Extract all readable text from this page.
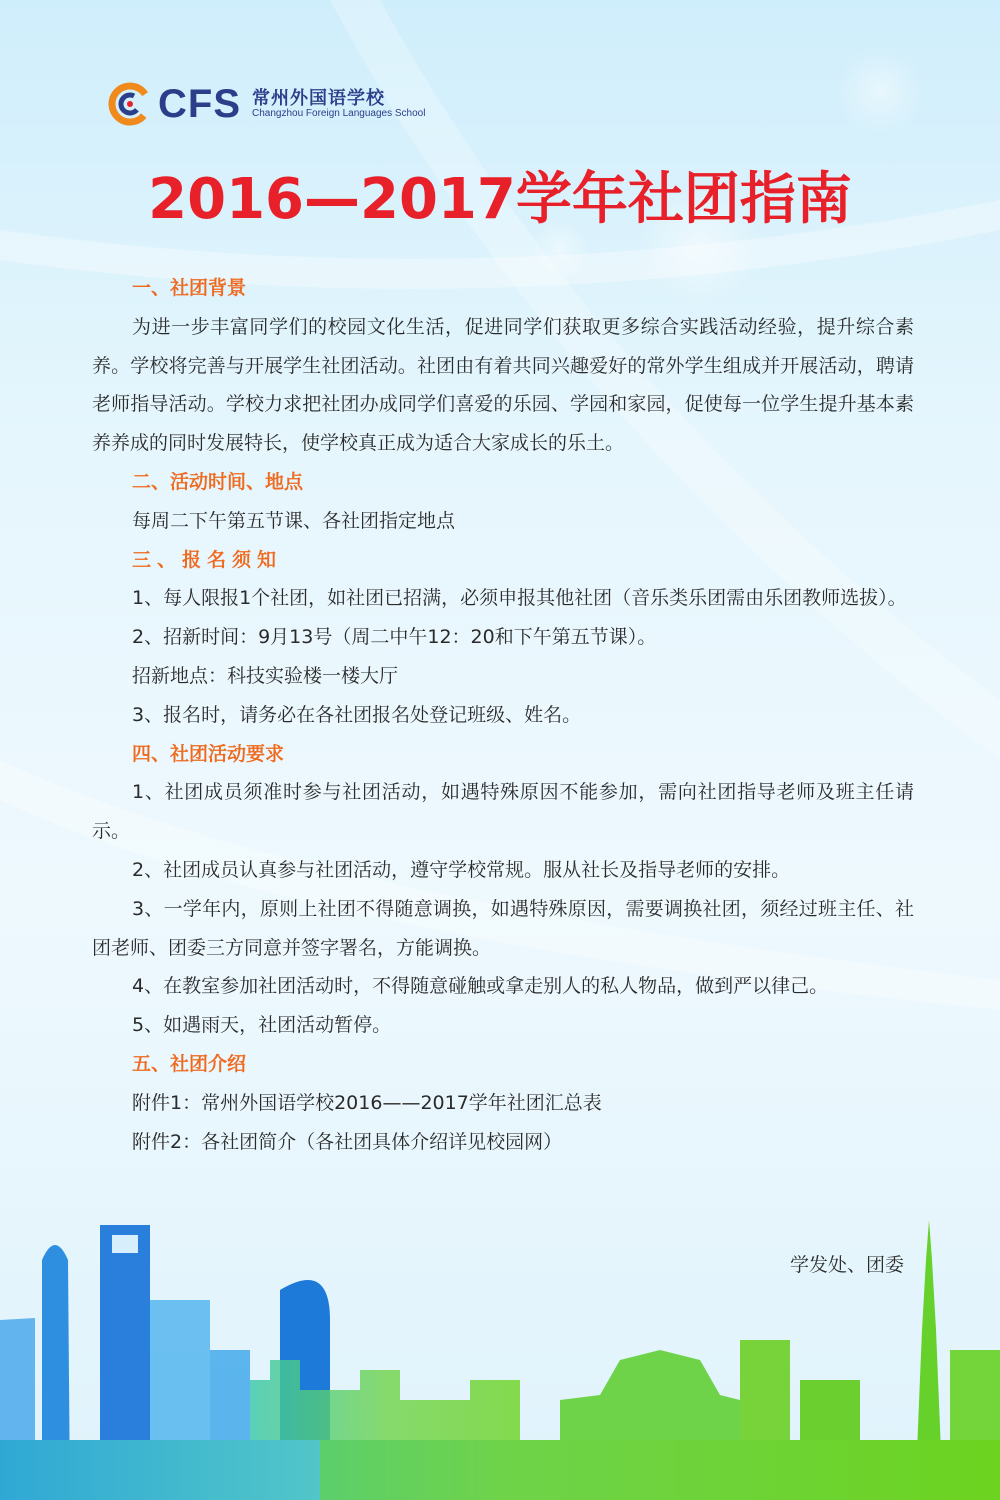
CFS 常州外国语学校
Changzhou Foreign Languages School
2016—2017学年社团指南

一、社团背景

为进一步丰富同学们的校园文化生活，促进同学们获取更多综合实践活动经验，提升综合素养。学校将完善与开展学生社团活动。社团由有着共同兴趣爱好的常外学生组成并开展活动，聘请老师指导活动。学校力求把社团办成同学们喜爱的乐园、学园和家园，促使每一位学生提升基本素养养成的同时发展特长，使学校真正成为适合大家成长的乐土。

二、活动时间、地点

每周二下午第五节课、各社团指定地点

三、报名须知

1、每人限报1个社团，如社团已招满，必须申报其他社团（音乐类乐团需由乐团教师选拔）。

2、招新时间：9月13号（周二中午12：20和下午第五节课）。

招新地点：科技实验楼一楼大厅

3、报名时，请务必在各社团报名处登记班级、姓名。

四、社团活动要求

1、社团成员须准时参与社团活动，如遇特殊原因不能参加，需向社团指导老师及班主任请示。

2、社团成员认真参与社团活动，遵守学校常规。服从社长及指导老师的安排。

3、一学年内，原则上社团不得随意调换，如遇特殊原因，需要调换社团，须经过班主任、社团老师、团委三方同意并签字署名，方能调换。

4、在教室参加社团活动时，不得随意碰触或拿走别人的私人物品，做到严以律己。

5、如遇雨天，社团活动暂停。

五、社团介绍

附件1：常州外国语学校2016——2017学年社团汇总表

附件2：各社团简介（各社团具体介绍详见校园网）

学发处、团委
